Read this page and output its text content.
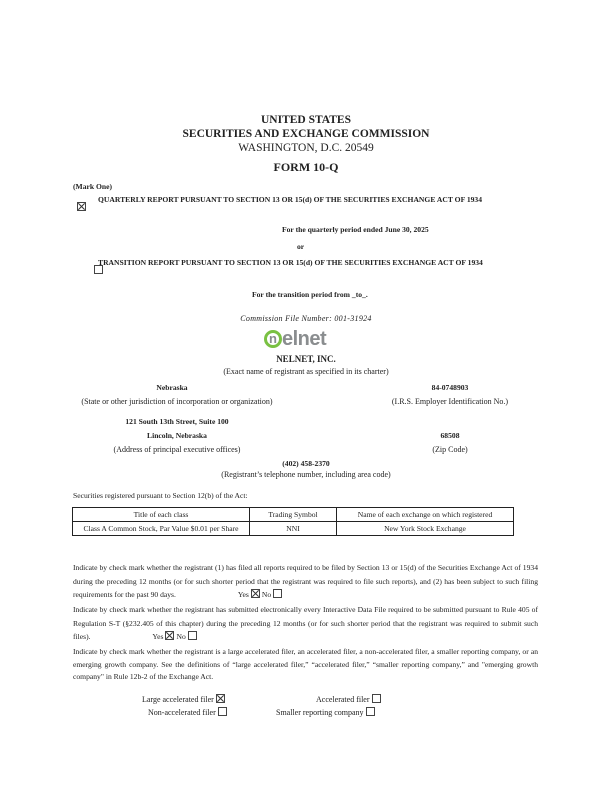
UNITED STATES
SECURITIES AND EXCHANGE COMMISSION
WASHINGTON, D.C. 20549
FORM 10-Q
(Mark One)

QUARTERLY REPORT PURSUANT TO SECTION 13 OR 15(d) OF THE SECURITIES EXCHANGE ACT OF 1934
For the quarterly period ended June 30, 2025
or
TRANSITION REPORT PURSUANT TO SECTION 13 OR 15(d) OF THE SECURITIES EXCHANGE ACT OF 1934
For the transition period from _to_.
Commission File Number: 001-31924
n elnet
NELNET, INC.
(Exact name of registrant as specified in its charter)
Nebraska
(State or other jurisdiction of incorporation or organization)
84-0748903
(I.R.S. Employer Identification No.)
121 South 13th Street, Suite 100
Lincoln, Nebraska
(Address of principal executive offices)
68508
(Zip Code)
(402) 458-2370
(Registrant’s telephone number, including area code)
Securities registered pursuant to Section 12(b) of the Act:
Title of each class	Trading Symbol	Name of each exchange on which registered
Class A Common Stock, Par Value $0.01 per Share	NNI	New York Stock Exchange
Indicate by check mark whether the registrant (1) has filed all reports required to be filed by Section 13 or 15(d) of the Securities Exchange Act of 1934 during the preceding 12 months (or for such shorter period that the registrant was required to file such reports), and (2) has been subject to such filing requirements for the past 90 days.	Yes No
Indicate by check mark whether the registrant has submitted electronically every Interactive Data File required to be submitted pursuant to Rule 405 of Regulation S-T (§232.405 of this chapter) during the preceding 12 months (or for such shorter period that the registrant was required to submit such files).	Yes No
Indicate by check mark whether the registrant is a large accelerated filer, an accelerated filer, a non-accelerated filer, a smaller reporting company, or an emerging growth company. See the definitions of “large accelerated filer,” “accelerated filer,” “smaller reporting company,” and "emerging growth company" in Rule 12b-2 of the Exchange Act.
Large accelerated filer
Non-accelerated filer
Accelerated filer
Smaller reporting company
